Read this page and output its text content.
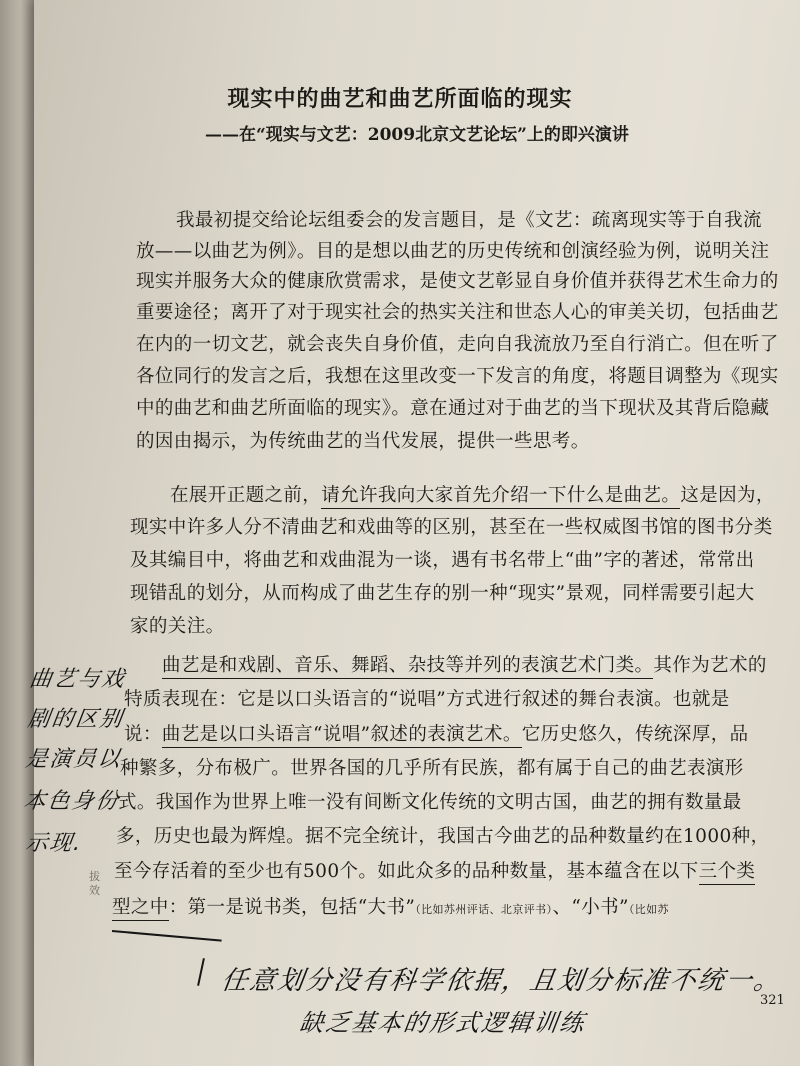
现实中的曲艺和曲艺所面临的现实
——在“现实与文艺：2009北京文艺论坛”上的即兴演讲
我最初提交给论坛组委会的发言题目，是《文艺：疏离现实等于自我流
放——以曲艺为例》。目的是想以曲艺的历史传统和创演经验为例，说明关注
现实并服务大众的健康欣赏需求，是使文艺彰显自身价值并获得艺术生命力的
重要途径；离开了对于现实社会的热实关注和世态人心的审美关切，包括曲艺
在内的一切文艺，就会丧失自身价值，走向自我流放乃至自行消亡。但在听了
各位同行的发言之后，我想在这里改变一下发言的角度，将题目调整为《现实
中的曲艺和曲艺所面临的现实》。意在通过对于曲艺的当下现状及其背后隐藏
的因由揭示，为传统曲艺的当代发展，提供一些思考。
在展开正题之前，请允许我向大家首先介绍一下什么是曲艺。这是因为，
现实中许多人分不清曲艺和戏曲等的区别，甚至在一些权威图书馆的图书分类
及其编目中，将曲艺和戏曲混为一谈，遇有书名带上“曲”字的著述，常常出
现错乱的划分，从而构成了曲艺生存的别一种“现实”景观，同样需要引起大
家的关注。
曲艺是和戏剧、音乐、舞蹈、杂技等并列的表演艺术门类。其作为艺术的
特质表现在：它是以口头语言的“说唱”方式进行叙述的舞台表演。也就是
说：曲艺是以口头语言“说唱”叙述的表演艺术。它历史悠久，传统深厚，品
种繁多，分布极广。世界各国的几乎所有民族，都有属于自己的曲艺表演形
式。我国作为世界上唯一没有间断文化传统的文明古国，曲艺的拥有数量最
多，历史也最为辉煌。据不完全统计，我国古今曲艺的品种数量约在1000种，
至今存活着的至少也有500个。如此众多的品种数量，基本蕴含在以下三个类
型之中：第一是说书类，包括“大书”（比如苏州评话、北京评书）、“小书”（比如苏
曲艺与戏
剧的区别
是演员以
本色身份
示现.
拔
效
任意划分没有科学依据，且划分标准不统一。
缺乏基本的形式逻辑训练
321
